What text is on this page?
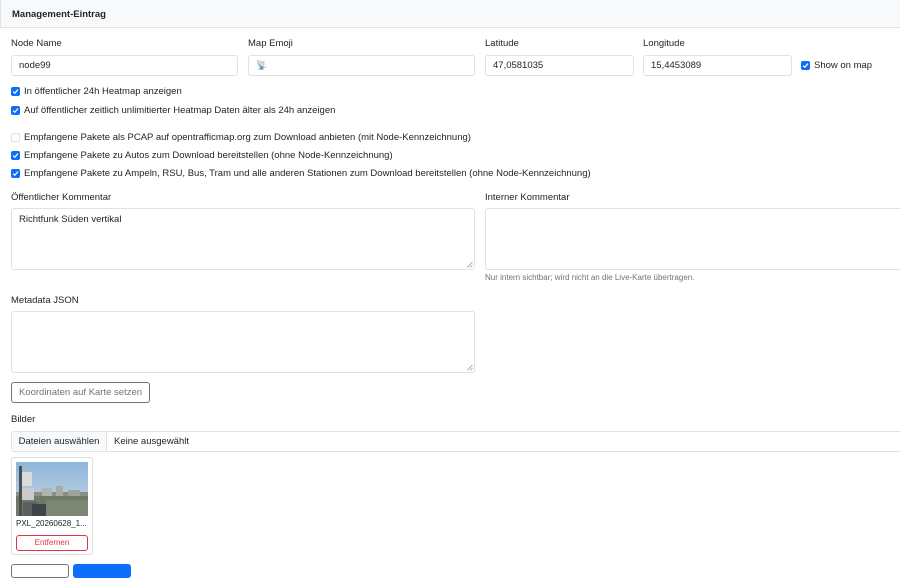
Management-Eintrag
Node Name	Map Emoji	Latitude	Longitude
node99	📡	47,0581035	15,4453089	Show on map
In öffentlicher 24h Heatmap anzeigen
Auf öffentlicher zeitlich unlimitierter Heatmap Daten älter als 24h anzeigen
Empfangene Pakete als PCAP auf opentrafficmap.org zum Download anbieten (mit Node-Kennzeichnung)
Empfangene Pakete zu Autos zum Download bereitstellen (ohne Node-Kennzeichnung)
Empfangene Pakete zu Ampeln, RSU, Bus, Tram und alle anderen Stationen zum Download bereitstellen (ohne Node-Kennzeichnung)
Öffentlicher Kommentar	Interner Kommentar
Richtfunk Süden vertikal
Nur intern sichtbar; wird nicht an die Live-Karte übertragen.
Metadata JSON
Koordinaten auf Karte setzen
Bilder
Dateien auswählen	Keine ausgewählt
PXL_20260628_1...
Entfernen
